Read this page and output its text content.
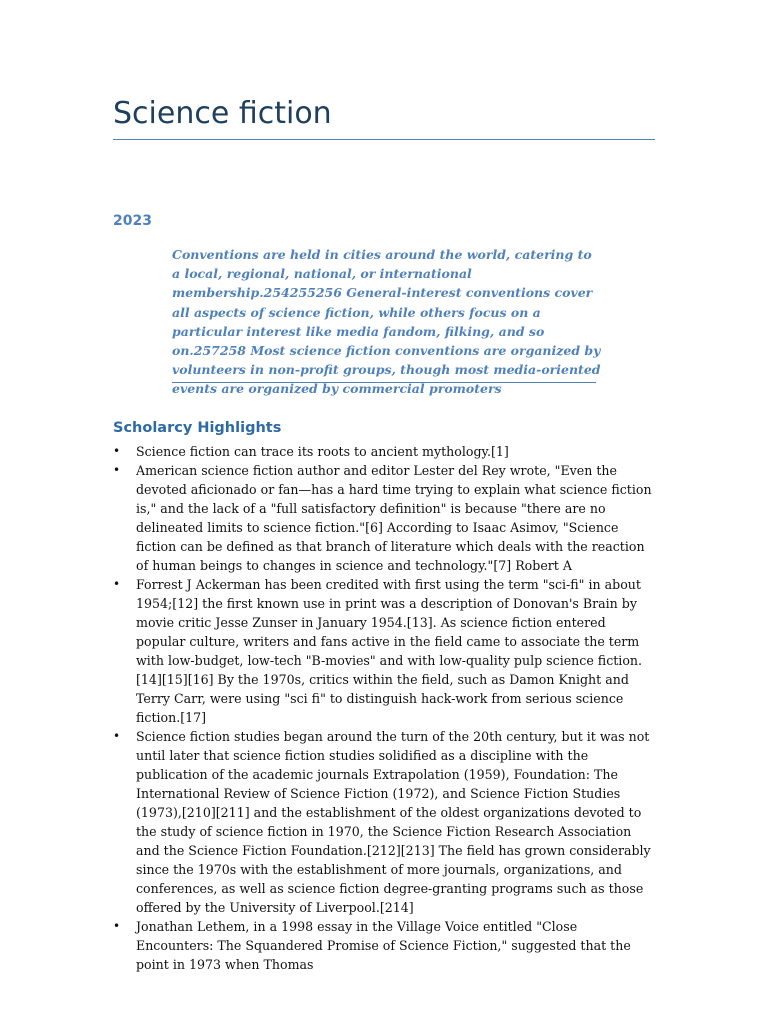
Science fiction
2023

Conventions are held in cities around the world, catering to a local, regional, national, or international membership.254255256 General-interest conventions cover all aspects of science fiction, while others focus on a particular interest like media fandom, filking, and so on.257258 Most science fiction conventions are organized by volunteers in non-profit groups, though most media-oriented events are organized by commercial promoters

Scholarcy Highlights
• Science fiction can trace its roots to ancient mythology.[1]
• American science fiction author and editor Lester del Rey wrote, "Even the devoted aficionado or fan—has a hard time trying to explain what science fiction is," and the lack of a "full satisfactory definition" is because "there are no delineated limits to science fiction."[6] According to Isaac Asimov, "Science fiction can be defined as that branch of literature which deals with the reaction of human beings to changes in science and technology."[7] Robert A
• Forrest J Ackerman has been credited with first using the term "sci-fi" in about 1954;[12] the first known use in print was a description of Donovan's Brain by movie critic Jesse Zunser in January 1954.[13]. As science fiction entered popular culture, writers and fans active in the field came to associate the term with low-budget, low-tech "B-movies" and with low-quality pulp science fiction.[14][15][16] By the 1970s, critics within the field, such as Damon Knight and Terry Carr, were using "sci fi" to distinguish hack-work from serious science fiction.[17]
• Science fiction studies began around the turn of the 20th century, but it was not until later that science fiction studies solidified as a discipline with the publication of the academic journals Extrapolation (1959), Foundation: The International Review of Science Fiction (1972), and Science Fiction Studies (1973),[210][211] and the establishment of the oldest organizations devoted to the study of science fiction in 1970, the Science Fiction Research Association and the Science Fiction Foundation.[212][213] The field has grown considerably since the 1970s with the establishment of more journals, organizations, and conferences, as well as science fiction degree-granting programs such as those offered by the University of Liverpool.[214]
• Jonathan Lethem, in a 1998 essay in the Village Voice entitled "Close Encounters: The Squandered Promise of Science Fiction," suggested that the point in 1973 when Thomas
